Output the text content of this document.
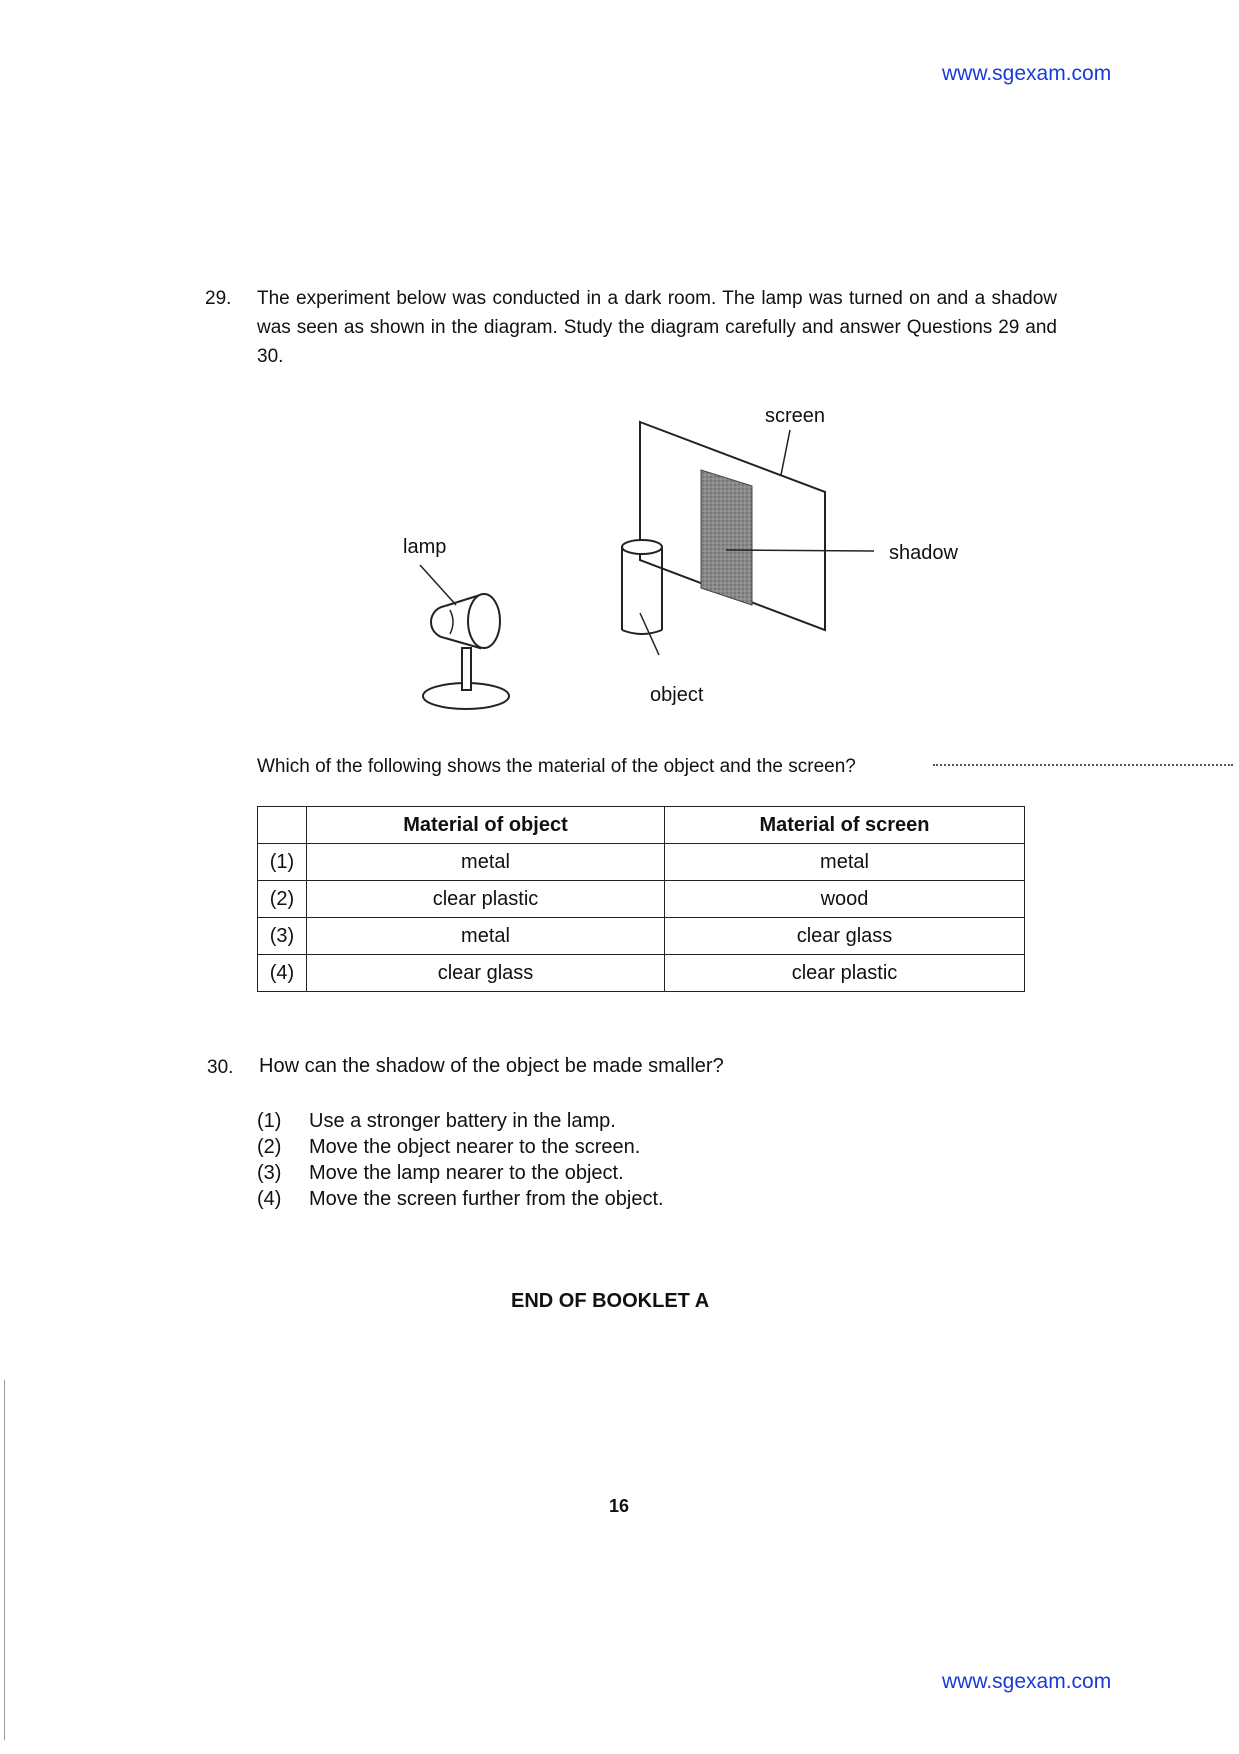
www.sgexam.com
29. The experiment below was conducted in a dark room. The lamp was turned on and a shadow was seen as shown in the diagram. Study the diagram carefully and answer Questions 29 and 30.
screen
lamp	shadow
object
Which of the following shows the material of the object and the screen?
	Material of object	Material of screen
(1)	metal	metal
(2)	clear plastic	wood
(3)	metal	clear glass
(4)	clear glass	clear plastic
30. How can the shadow of the object be made smaller?
(1) Use a stronger battery in the lamp.
(2) Move the object nearer to the screen.
(3) Move the lamp nearer to the object.
(4) Move the screen further from the object.
END OF BOOKLET A
16
www.sgexam.com
